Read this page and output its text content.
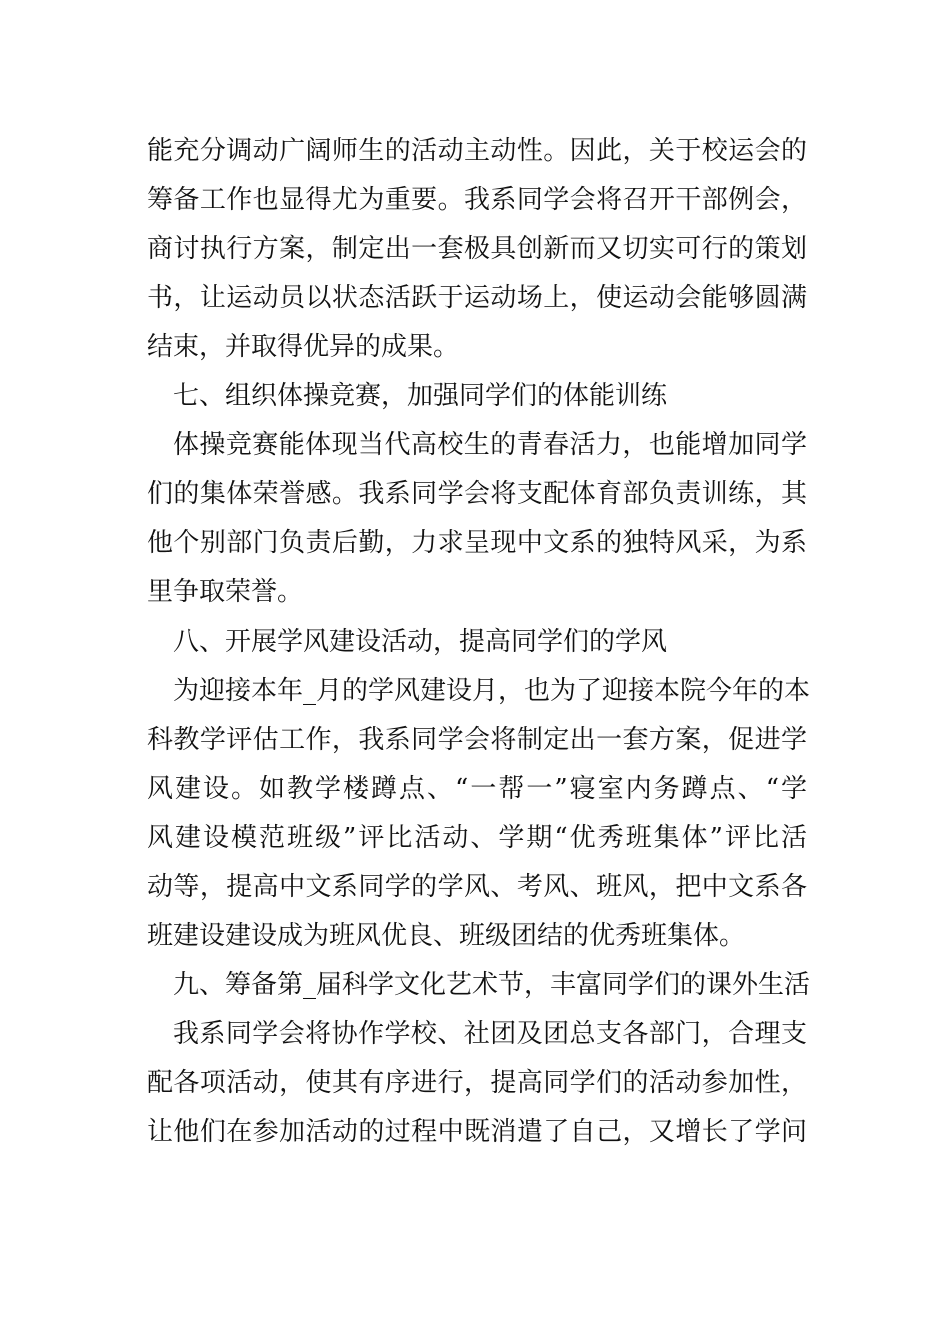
能充分调动广阔师生的活动主动性。因此，关于校运会的
筹备工作也显得尤为重要。我系同学会将召开干部例会，
商讨执行方案，制定出一套极具创新而又切实可行的策划
书，让运动员以状态活跃于运动场上，使运动会能够圆满
结束，并取得优异的成果。
七、组织体操竞赛，加强同学们的体能训练
体操竞赛能体现当代高校生的青春活力，也能增加同学
们的集体荣誉感。我系同学会将支配体育部负责训练，其
他个别部门负责后勤，力求呈现中文系的独特风采，为系
里争取荣誉。
八、开展学风建设活动，提高同学们的学风
为迎接本年_月的学风建设月，也为了迎接本院今年的本
科教学评估工作，我系同学会将制定出一套方案，促进学
风建设。如教学楼蹲点、“一帮一”寝室内务蹲点、“学
风建设模范班级”评比活动、学期“优秀班集体”评比活
动等，提高中文系同学的学风、考风、班风，把中文系各
班建设建设成为班风优良、班级团结的优秀班集体。
九、筹备第_届科学文化艺术节，丰富同学们的课外生活
我系同学会将协作学校、社团及团总支各部门，合理支
配各项活动，使其有序进行，提高同学们的活动参加性，
让他们在参加活动的过程中既消遣了自己，又增长了学问
